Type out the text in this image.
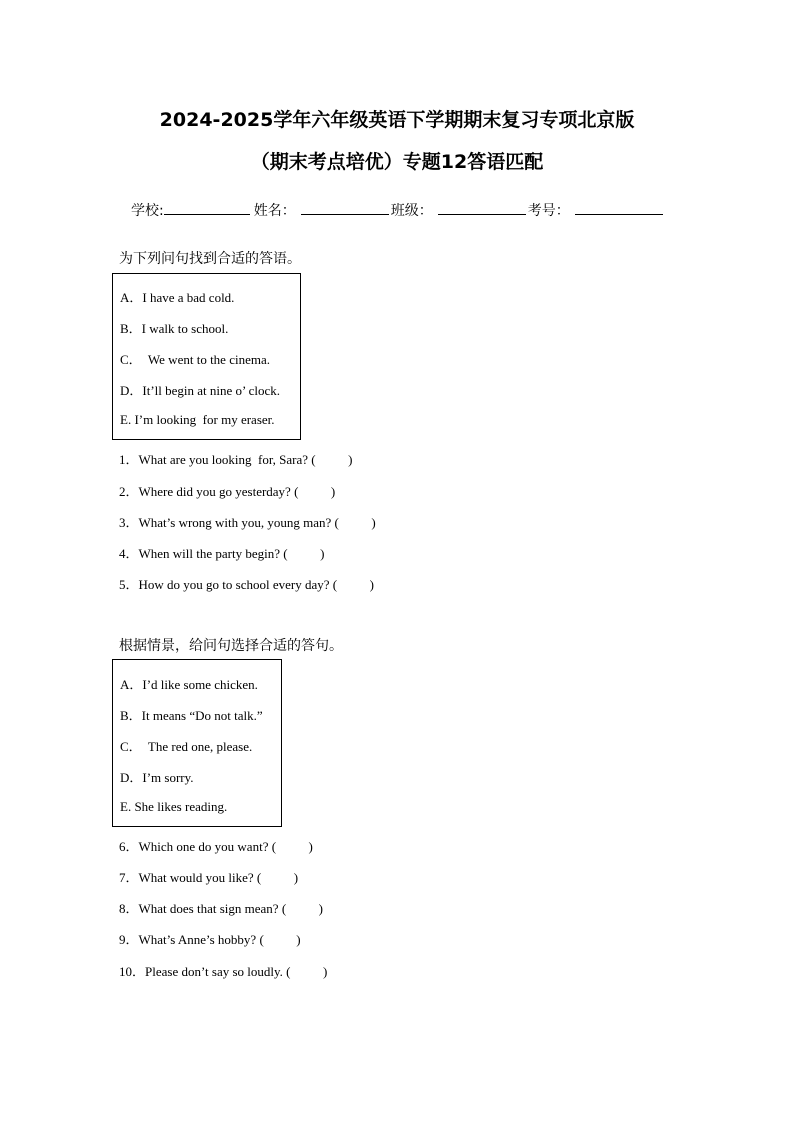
2024-2025学年六年级英语下学期期末复习专项北京版
（期末考点培优）专题12答语匹配
学校:	姓名：	班级：	考号：
为下列问句找到合适的答语。
A．I have a bad cold.
B．I walk to school.
C．  We went to the cinema.
D．It’ll begin at nine o’ clock.
E. I’m looking  for my eraser.
1．What are you looking  for, Sara? (          )
2．Where did you go yesterday? (          )
3．What’s wrong with you, young man? (          )
4．When will the party begin? (          )
5．How do you go to school every day? (          )
根据情景，给问句选择合适的答句。
A．I’d like some chicken.
B．It means “Do not talk.”
C．  The red one, please.
D．I’m sorry.
E. She likes reading.
6．Which one do you want? (          )
7．What would you like? (          )
8．What does that sign mean? (          )
9．What’s Anne’s hobby? (          )
10．Please don’t say so loudly. (          )
